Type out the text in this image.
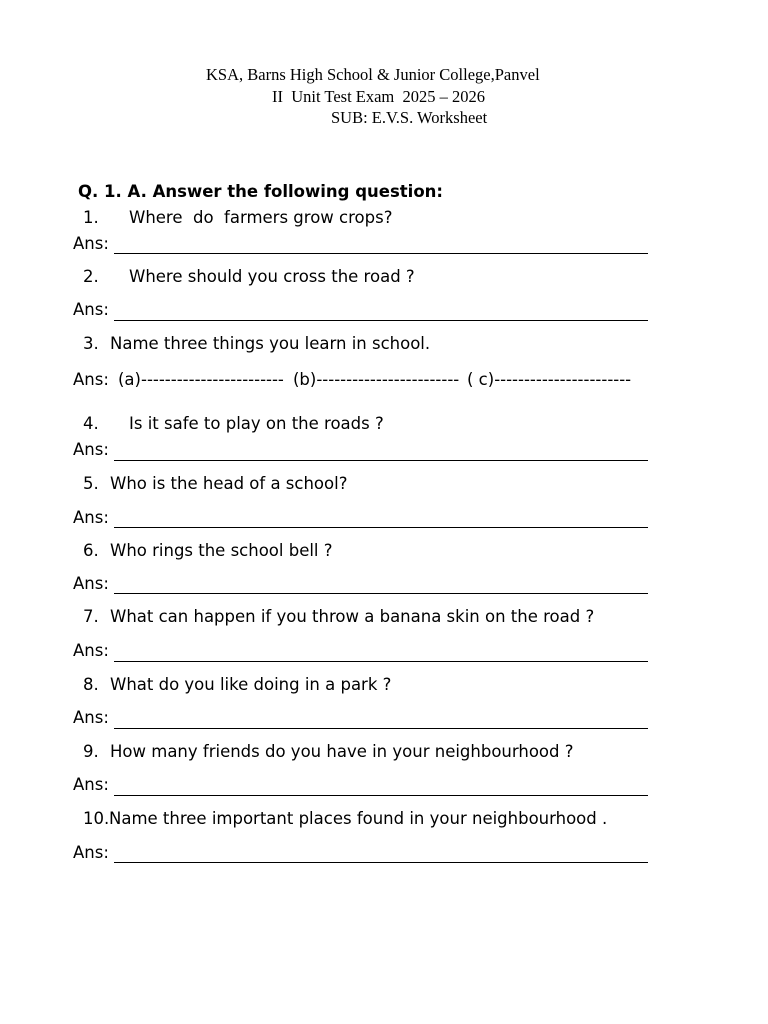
KSA, Barns High School & Junior College,Panvel
II  Unit Test Exam  2025 – 2026
SUB: E.V.S. Worksheet
Q. 1. A. Answer the following question:
1. Where  do  farmers grow crops?
Ans:
2. Where should you cross the road ?
Ans:
3. Name three things you learn in school.
Ans: (a)------------------------ (b)------------------------ ( c)-----------------------
4. Is it safe to play on the roads ?
Ans:
5. Who is the head of a school?
Ans:
6. Who rings the school bell ?
Ans:
7. What can happen if you throw a banana skin on the road ?
Ans:
8. What do you like doing in a park ?
Ans:
9. How many friends do you have in your neighbourhood ?
Ans:
10. Name three important places found in your neighbourhood .
Ans:
